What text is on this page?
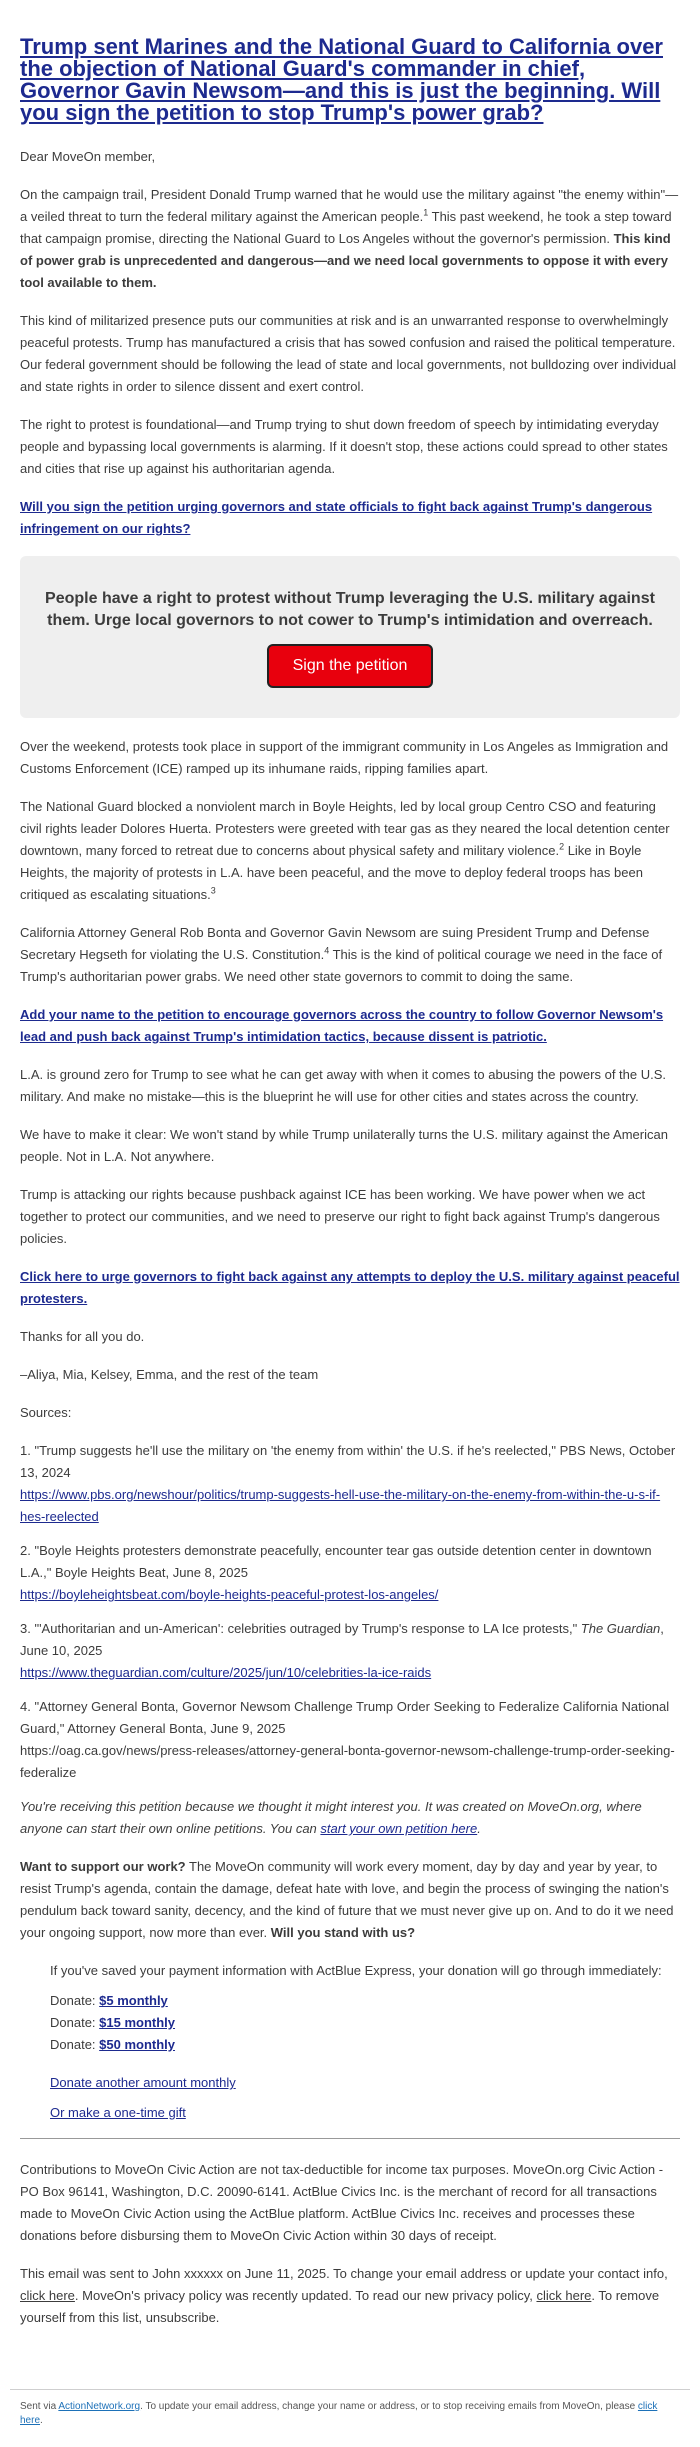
Trump sent Marines and the National Guard to California over the objection of National Guard's commander in chief, Governor Gavin Newsom—and this is just the beginning. Will you sign the petition to stop Trump's power grab?

Dear MoveOn member,

On the campaign trail, President Donald Trump warned that he would use the military against "the enemy within"—a veiled threat to turn the federal military against the American people.$^1$ This past weekend, he took a step toward that campaign promise, directing the National Guard to Los Angeles without the governor's permission. This kind of power grab is unprecedented and dangerous—and we need local governments to oppose it with every tool available to them.

This kind of militarized presence puts our communities at risk and is an unwarranted response to overwhelmingly peaceful protests. Trump has manufactured a crisis that has sowed confusion and raised the political temperature. Our federal government should be following the lead of state and local governments, not bulldozing over individual and state rights in order to silence dissent and exert control.

The right to protest is foundational—and Trump trying to shut down freedom of speech by intimidating everyday people and bypassing local governments is alarming. If it doesn't stop, these actions could spread to other states and cities that rise up against his authoritarian agenda.

Will you sign the petition urging governors and state officials to fight back against Trump's dangerous infringement on our rights?

People have a right to protest without Trump leveraging the U.S. military against them. Urge local governors to not cower to Trump's intimidation and overreach.

Sign the petition

Over the weekend, protests took place in support of the immigrant community in Los Angeles as Immigration and Customs Enforcement (ICE) ramped up its inhumane raids, ripping families apart.

The National Guard blocked a nonviolent march in Boyle Heights, led by local group Centro CSO and featuring civil rights leader Dolores Huerta. Protesters were greeted with tear gas as they neared the local detention center downtown, many forced to retreat due to concerns about physical safety and military violence.$^2$ Like in Boyle Heights, the majority of protests in L.A. have been peaceful, and the move to deploy federal troops has been critiqued as escalating situations.$^3$

California Attorney General Rob Bonta and Governor Gavin Newsom are suing President Trump and Defense Secretary Hegseth for violating the U.S. Constitution.$^4$ This is the kind of political courage we need in the face of Trump's authoritarian power grabs. We need other state governors to commit to doing the same.

Add your name to the petition to encourage governors across the country to follow Governor Newsom's lead and push back against Trump's intimidation tactics, because dissent is patriotic.

L.A. is ground zero for Trump to see what he can get away with when it comes to abusing the powers of the U.S. military. And make no mistake—this is the blueprint he will use for other cities and states across the country.

We have to make it clear: We won't stand by while Trump unilaterally turns the U.S. military against the American people. Not in L.A. Not anywhere.

Trump is attacking our rights because pushback against ICE has been working. We have power when we act together to protect our communities, and we need to preserve our right to fight back against Trump's dangerous policies.

Click here to urge governors to fight back against any attempts to deploy the U.S. military against peaceful protesters.

Thanks for all you do.

–Aliya, Mia, Kelsey, Emma, and the rest of the team

Sources:

1. "Trump suggests he'll use the military on 'the enemy from within' the U.S. if he's reelected," PBS News, October 13, 2024
https://www.pbs.org/newshour/politics/trump-suggests-hell-use-the-military-on-the-enemy-from-within-the-u-s-if-hes-reelected

2. "Boyle Heights protesters demonstrate peacefully, encounter tear gas outside detention center in downtown L.A.," Boyle Heights Beat, June 8, 2025
https://boyleheightsbeat.com/boyle-heights-peaceful-protest-los-angeles/

3. "'Authoritarian and un-American': celebrities outraged by Trump's response to LA Ice protests," The Guardian, June 10, 2025
https://www.theguardian.com/culture/2025/jun/10/celebrities-la-ice-raids

4. "Attorney General Bonta, Governor Newsom Challenge Trump Order Seeking to Federalize California National Guard," Attorney General Bonta, June 9, 2025
https://oag.ca.gov/news/press-releases/attorney-general-bonta-governor-newsom-challenge-trump-order-seeking-federalize

You're receiving this petition because we thought it might interest you. It was created on MoveOn.org, where anyone can start their own online petitions. You can start your own petition here.

Want to support our work? The MoveOn community will work every moment, day by day and year by year, to resist Trump's agenda, contain the damage, defeat hate with love, and begin the process of swinging the nation's pendulum back toward sanity, decency, and the kind of future that we must never give up on. And to do it we need your ongoing support, now more than ever. Will you stand with us?

If you've saved your payment information with ActBlue Express, your donation will go through immediately:

Donate: $5 monthly

Donate: $15 monthly

Donate: $50 monthly

Donate another amount monthly

Or make a one-time gift

Contributions to MoveOn Civic Action are not tax-deductible for income tax purposes. MoveOn.org Civic Action - PO Box 96141, Washington, D.C. 20090-6141. ActBlue Civics Inc. is the merchant of record for all transactions made to MoveOn Civic Action using the ActBlue platform. ActBlue Civics Inc. receives and processes these donations before disbursing them to MoveOn Civic Action within 30 days of receipt.

This email was sent to John xxxxxx on June 11, 2025. To change your email address or update your contact info, click here. MoveOn's privacy policy was recently updated. To read our new privacy policy, click here. To remove yourself from this list, unsubscribe.

Sent via ActionNetwork.org. To update your email address, change your name or address, or to stop receiving emails from MoveOn, please click here.
